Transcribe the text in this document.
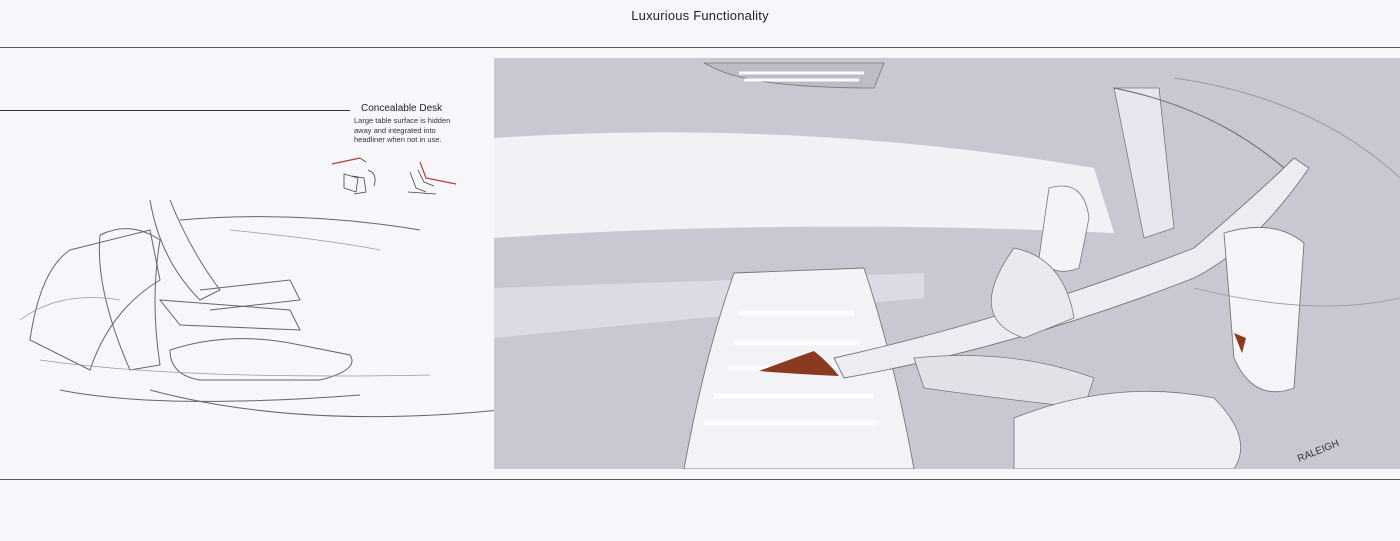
Luxurious Functionality
Concealable Desk
Large table surface is hidden away and integrated into headliner when not in use.
RALEIGH
